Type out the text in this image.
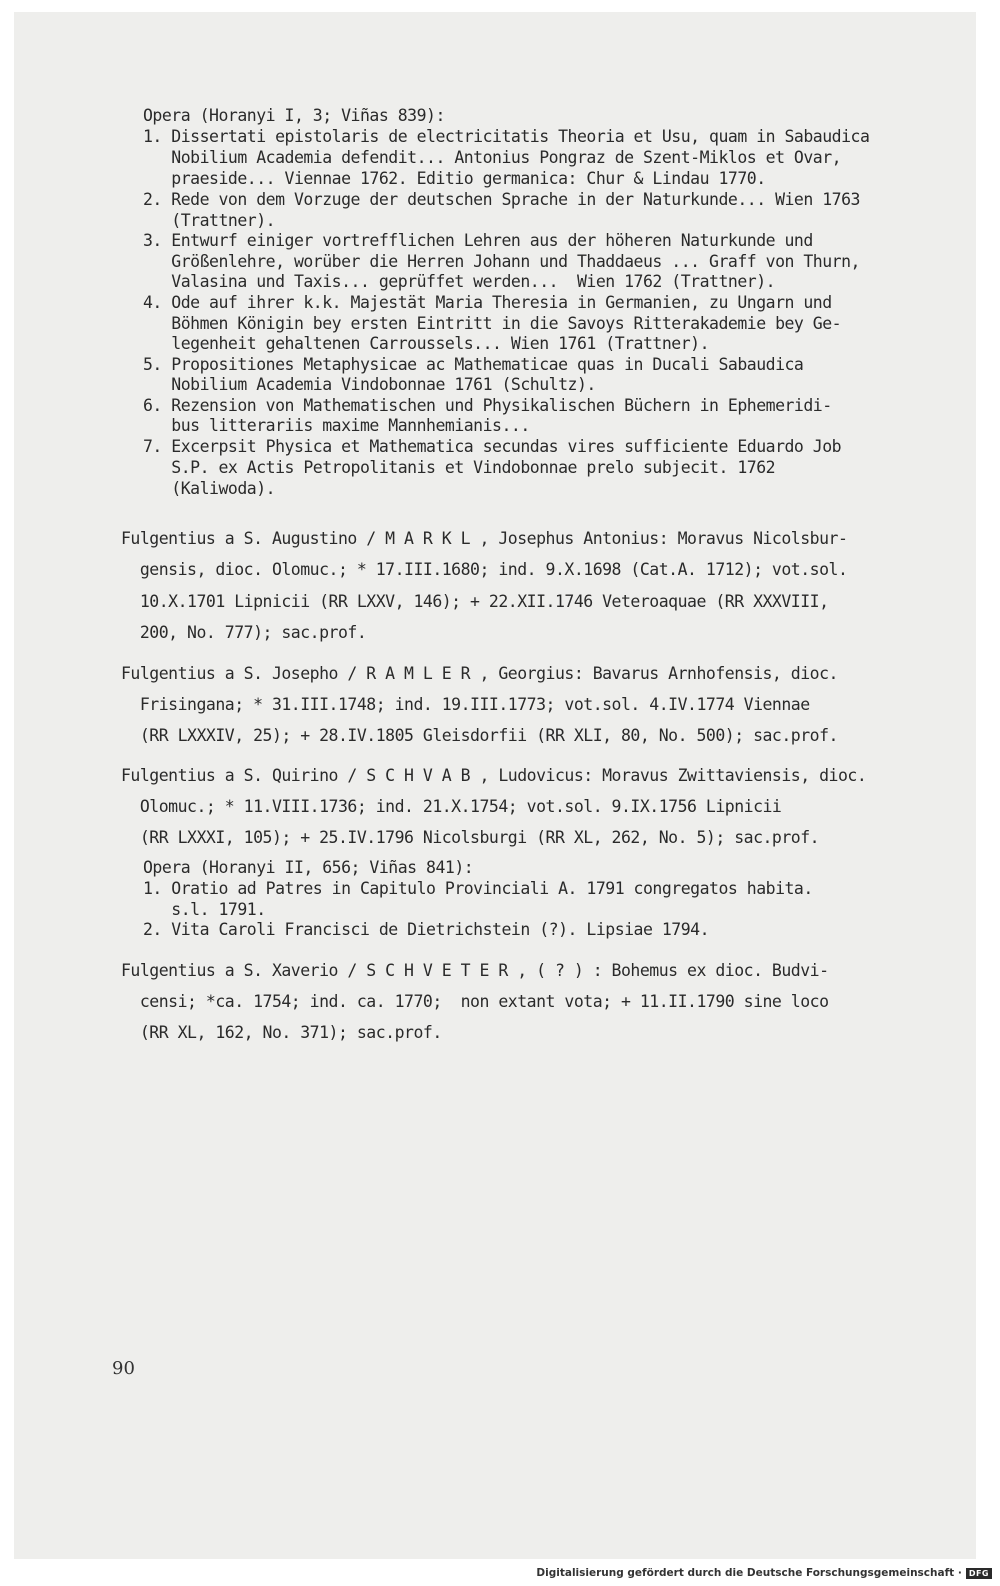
Opera (Horanyi I, 3; Viñas 839):
1. Dissertati epistolaris de electricitatis Theoria et Usu, quam in Sabaudica
Nobilium Academia defendit... Antonius Pongraz de Szent-Miklos et Ovar,
praeside... Viennae 1762. Editio germanica: Chur & Lindau 1770.
2. Rede von dem Vorzuge der deutschen Sprache in der Naturkunde... Wien 1763
(Trattner).
3. Entwurf einiger vortrefflichen Lehren aus der höheren Naturkunde und
Größenlehre, worüber die Herren Johann und Thaddaeus ... Graff von Thurn,
Valasina und Taxis... geprüffet werden...  Wien 1762 (Trattner).
4. Ode auf ihrer k.k. Majestät Maria Theresia in Germanien, zu Ungarn und
Böhmen Königin bey ersten Eintritt in die Savoys Ritterakademie bey Ge-
legenheit gehaltenen Carroussels... Wien 1761 (Trattner).
5. Propositiones Metaphysicae ac Mathematicae quas in Ducali Sabaudica
Nobilium Academia Vindobonnae 1761 (Schultz).
6. Rezension von Mathematischen und Physikalischen Büchern in Ephemeridi-
bus litterariis maxime Mannhemianis...
7. Excerpsit Physica et Mathematica secundas vires sufficiente Eduardo Job
S.P. ex Actis Petropolitanis et Vindobonnae prelo subjecit. 1762
(Kaliwoda).
Fulgentius a S. Augustino / M A R K L , Josephus Antonius: Moravus Nicolsbur-
gensis, dioc. Olomuc.; * 17.III.1680; ind. 9.X.1698 (Cat.A. 1712); vot.sol.
10.X.1701 Lipnicii (RR LXXV, 146); + 22.XII.1746 Veteroaquae (RR XXXVIII,
200, No. 777); sac.prof.
Fulgentius a S. Josepho / R A M L E R , Georgius: Bavarus Arnhofensis, dioc.
Frisingana; * 31.III.1748; ind. 19.III.1773; vot.sol. 4.IV.1774 Viennae
(RR LXXXIV, 25); + 28.IV.1805 Gleisdorfii (RR XLI, 80, No. 500); sac.prof.
Fulgentius a S. Quirino / S C H V A B , Ludovicus: Moravus Zwittaviensis, dioc.
Olomuc.; * 11.VIII.1736; ind. 21.X.1754; vot.sol. 9.IX.1756 Lipnicii
(RR LXXXI, 105); + 25.IV.1796 Nicolsburgi (RR XL, 262, No. 5); sac.prof.
Opera (Horanyi II, 656; Viñas 841):
1. Oratio ad Patres in Capitulo Provinciali A. 1791 congregatos habita.
s.l. 1791.
2. Vita Caroli Francisci de Dietrichstein (?). Lipsiae 1794.
Fulgentius a S. Xaverio / S C H V E T E R , ( ? ) : Bohemus ex dioc. Budvi-
censi; *ca. 1754; ind. ca. 1770;  non extant vota; + 11.II.1790 sine loco
(RR XL, 162, No. 371); sac.prof.
90
Digitalisierung gefördert durch die Deutsche Forschungsgemeinschaft · DFG
